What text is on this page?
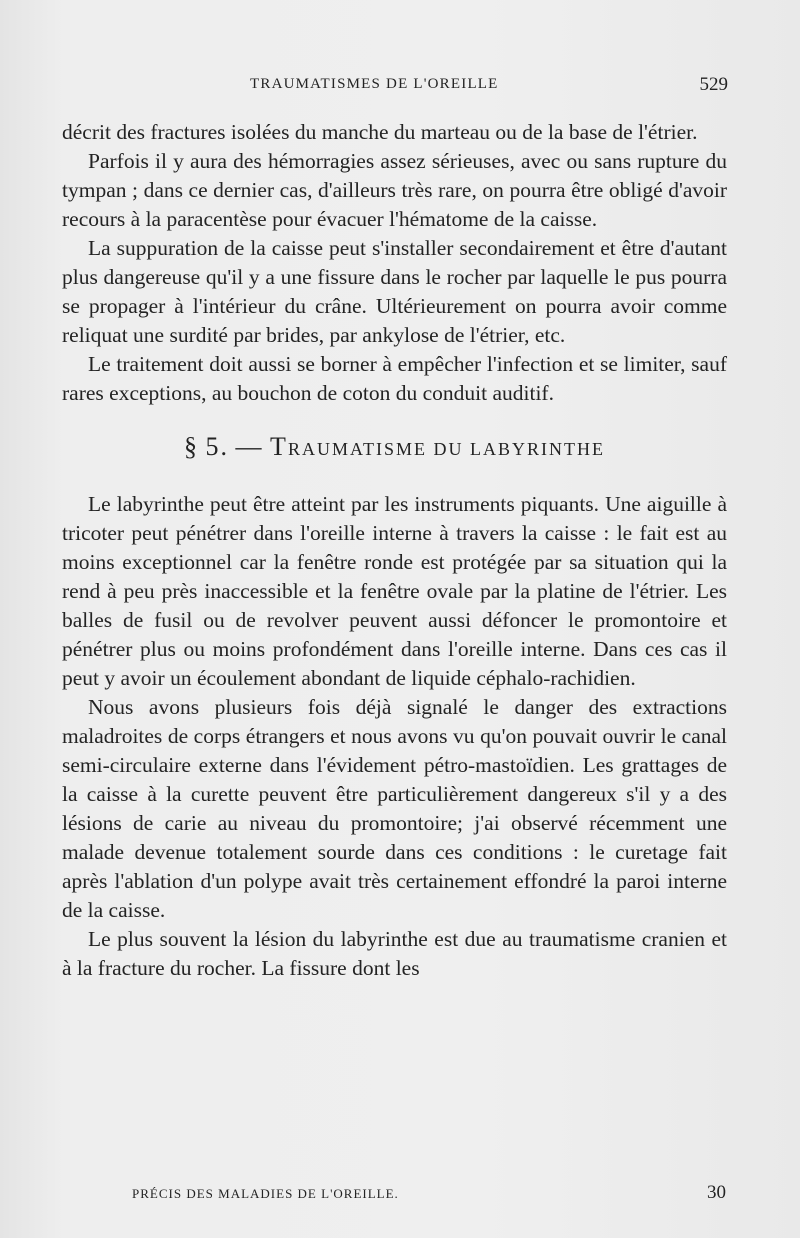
TRAUMATISMES DE L'OREILLE	529

décrit des fractures isolées du manche du marteau ou de la base de l'étrier.

Parfois il y aura des hémorragies assez sérieuses, avec ou sans rupture du tympan ; dans ce dernier cas, d'ailleurs très rare, on pourra être obligé d'avoir recours à la paracentèse pour évacuer l'hématome de la caisse.

La suppuration de la caisse peut s'installer secondairement et être d'autant plus dangereuse qu'il y a une fissure dans le rocher par laquelle le pus pourra se propager à l'intérieur du crâne. Ultérieurement on pourra avoir comme reliquat une surdité par brides, par ankylose de l'étrier, etc.

Le traitement doit aussi se borner à empêcher l'infection et se limiter, sauf rares exceptions, au bouchon de coton du conduit auditif.

§ 5. — TRAUMATISME DU LABYRINTHE

Le labyrinthe peut être atteint par les instruments piquants. Une aiguille à tricoter peut pénétrer dans l'oreille interne à travers la caisse : le fait est au moins exceptionnel car la fenêtre ronde est protégée par sa situation qui la rend à peu près inaccessible et la fenêtre ovale par la platine de l'étrier. Les balles de fusil ou de revolver peuvent aussi défoncer le promontoire et pénétrer plus ou moins profondément dans l'oreille interne. Dans ces cas il peut y avoir un écoulement abondant de liquide céphalo-rachidien.

Nous avons plusieurs fois déjà signalé le danger des extractions maladroites de corps étrangers et nous avons vu qu'on pouvait ouvrir le canal semi-circulaire externe dans l'évidement pétro-mastoïdien. Les grattages de la caisse à la curette peuvent être particulièrement dangereux s'il y a des lésions de carie au niveau du promontoire; j'ai observé récemment une malade devenue totalement sourde dans ces conditions : le curetage fait après l'ablation d'un polype avait très certainement effondré la paroi interne de la caisse.

Le plus souvent la lésion du labyrinthe est due au traumatisme cranien et à la fracture du rocher. La fissure dont les

PRÉCIS DES MALADIES DE L'OREILLE.	30
